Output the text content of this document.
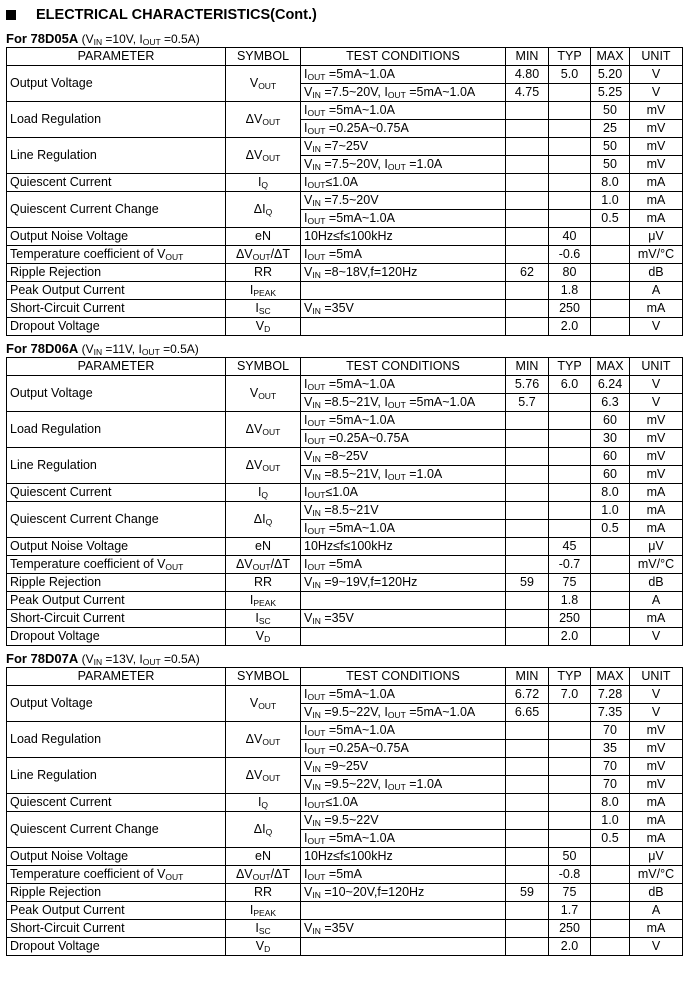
ELECTRICAL CHARACTERISTICS(Cont.)
For 78D05A ($V_{IN} =10V$, $I_{OUT} =0.5A$)
PARAMETER	SYMBOL	TEST CONDITIONS	MIN	TYP	MAX	UNIT
Output Voltage	$V_{OUT}$	$I_{OUT}$ =5mA~1.0A	4.80	5.0	5.20	V
		$V_{IN}$ =7.5~20V, $I_{OUT}$ =5mA~1.0A	4.75		5.25	V
Load Regulation	$\Delta V_{OUT}$	$I_{OUT}$ =5mA~1.0A			50	mV
		$I_{OUT}$ =0.25A~0.75A			25	mV
Line Regulation	$\Delta V_{OUT}$	$V_{IN}$ =7~25V			50	mV
		$V_{IN}$ =7.5~20V, $I_{OUT} =1.0A$			50	mV
Quiescent Current	$I_Q$	$I_{OUT}\le 1.0A$			8.0	mA
Quiescent Current Change	$\Delta I_Q$	$V_{IN}$ =7.5~20V			1.0	mA
		$I_{OUT}$ =5mA~1.0A			0.5	mA
Output Noise Voltage	eN	10Hz≤f≤100kHz		40		μV
Temperature coefficient of $V_{OUT}$	$\Delta V_{OUT}/\Delta T$	$I_{OUT} =5mA$		-0.6		mV/°C
Ripple Rejection	RR	$V_{IN}$ =8~18V,f=120Hz	62	80		dB
Peak Output Current	$I_{PEAK}$			1.8		A
Short-Circuit Current	$I_{SC}$	$V_{IN} =35V$		250		mA
Dropout Voltage	$V_D$			2.0		V
For 78D06A ($V_{IN} =11V$, $I_{OUT} =0.5A$)
PARAMETER	SYMBOL	TEST CONDITIONS	MIN	TYP	MAX	UNIT
Output Voltage	$V_{OUT}$	$I_{OUT}$ =5mA~1.0A	5.76	6.0	6.24	V
		$V_{IN}$ =8.5~21V, $I_{OUT}$ =5mA~1.0A	5.7		6.3	V
Load Regulation	$\Delta V_{OUT}$	$I_{OUT}$ =5mA~1.0A			60	mV
		$I_{OUT}$ =0.25A~0.75A			30	mV
Line Regulation	$\Delta V_{OUT}$	$V_{IN}$ =8~25V			60	mV
		$V_{IN}$ =8.5~21V, $I_{OUT} =1.0A$			60	mV
Quiescent Current	$I_Q$	$I_{OUT}\le 1.0A$			8.0	mA
Quiescent Current Change	$\Delta I_Q$	$V_{IN}$ =8.5~21V			1.0	mA
		$I_{OUT}$ =5mA~1.0A			0.5	mA
Output Noise Voltage	eN	10Hz≤f≤100kHz		45		μV
Temperature coefficient of $V_{OUT}$	$\Delta V_{OUT}/\Delta T$	$I_{OUT} =5mA$		-0.7		mV/°C
Ripple Rejection	RR	$V_{IN}$ =9~19V,f=120Hz	59	75		dB
Peak Output Current	$I_{PEAK}$			1.8		A
Short-Circuit Current	$I_{SC}$	$V_{IN} =35V$		250		mA
Dropout Voltage	$V_D$			2.0		V
For 78D07A ($V_{IN} =13V$, $I_{OUT} =0.5A$)
PARAMETER	SYMBOL	TEST CONDITIONS	MIN	TYP	MAX	UNIT
Output Voltage	$V_{OUT}$	$I_{OUT}$ =5mA~1.0A	6.72	7.0	7.28	V
		$V_{IN}$ =9.5~22V, $I_{OUT}$ =5mA~1.0A	6.65		7.35	V
Load Regulation	$\Delta V_{OUT}$	$I_{OUT}$ =5mA~1.0A			70	mV
		$I_{OUT}$ =0.25A~0.75A			35	mV
Line Regulation	$\Delta V_{OUT}$	$V_{IN}$ =9~25V			70	mV
		$V_{IN}$ =9.5~22V, $I_{OUT} =1.0A$			70	mV
Quiescent Current	$I_Q$	$I_{OUT}\le 1.0A$			8.0	mA
Quiescent Current Change	$\Delta I_Q$	$V_{IN}$ =9.5~22V			1.0	mA
		$I_{OUT}$ =5mA~1.0A			0.5	mA
Output Noise Voltage	eN	10Hz≤f≤100kHz		50		μV
Temperature coefficient of $V_{OUT}$	$\Delta V_{OUT}/\Delta T$	$I_{OUT} =5mA$		-0.8		mV/°C
Ripple Rejection	RR	$V_{IN}$ =10~20V,f=120Hz	59	75		dB
Peak Output Current	$I_{PEAK}$			1.7		A
Short-Circuit Current	$I_{SC}$	$V_{IN} =35V$		250		mA
Dropout Voltage	$V_D$			2.0		V
